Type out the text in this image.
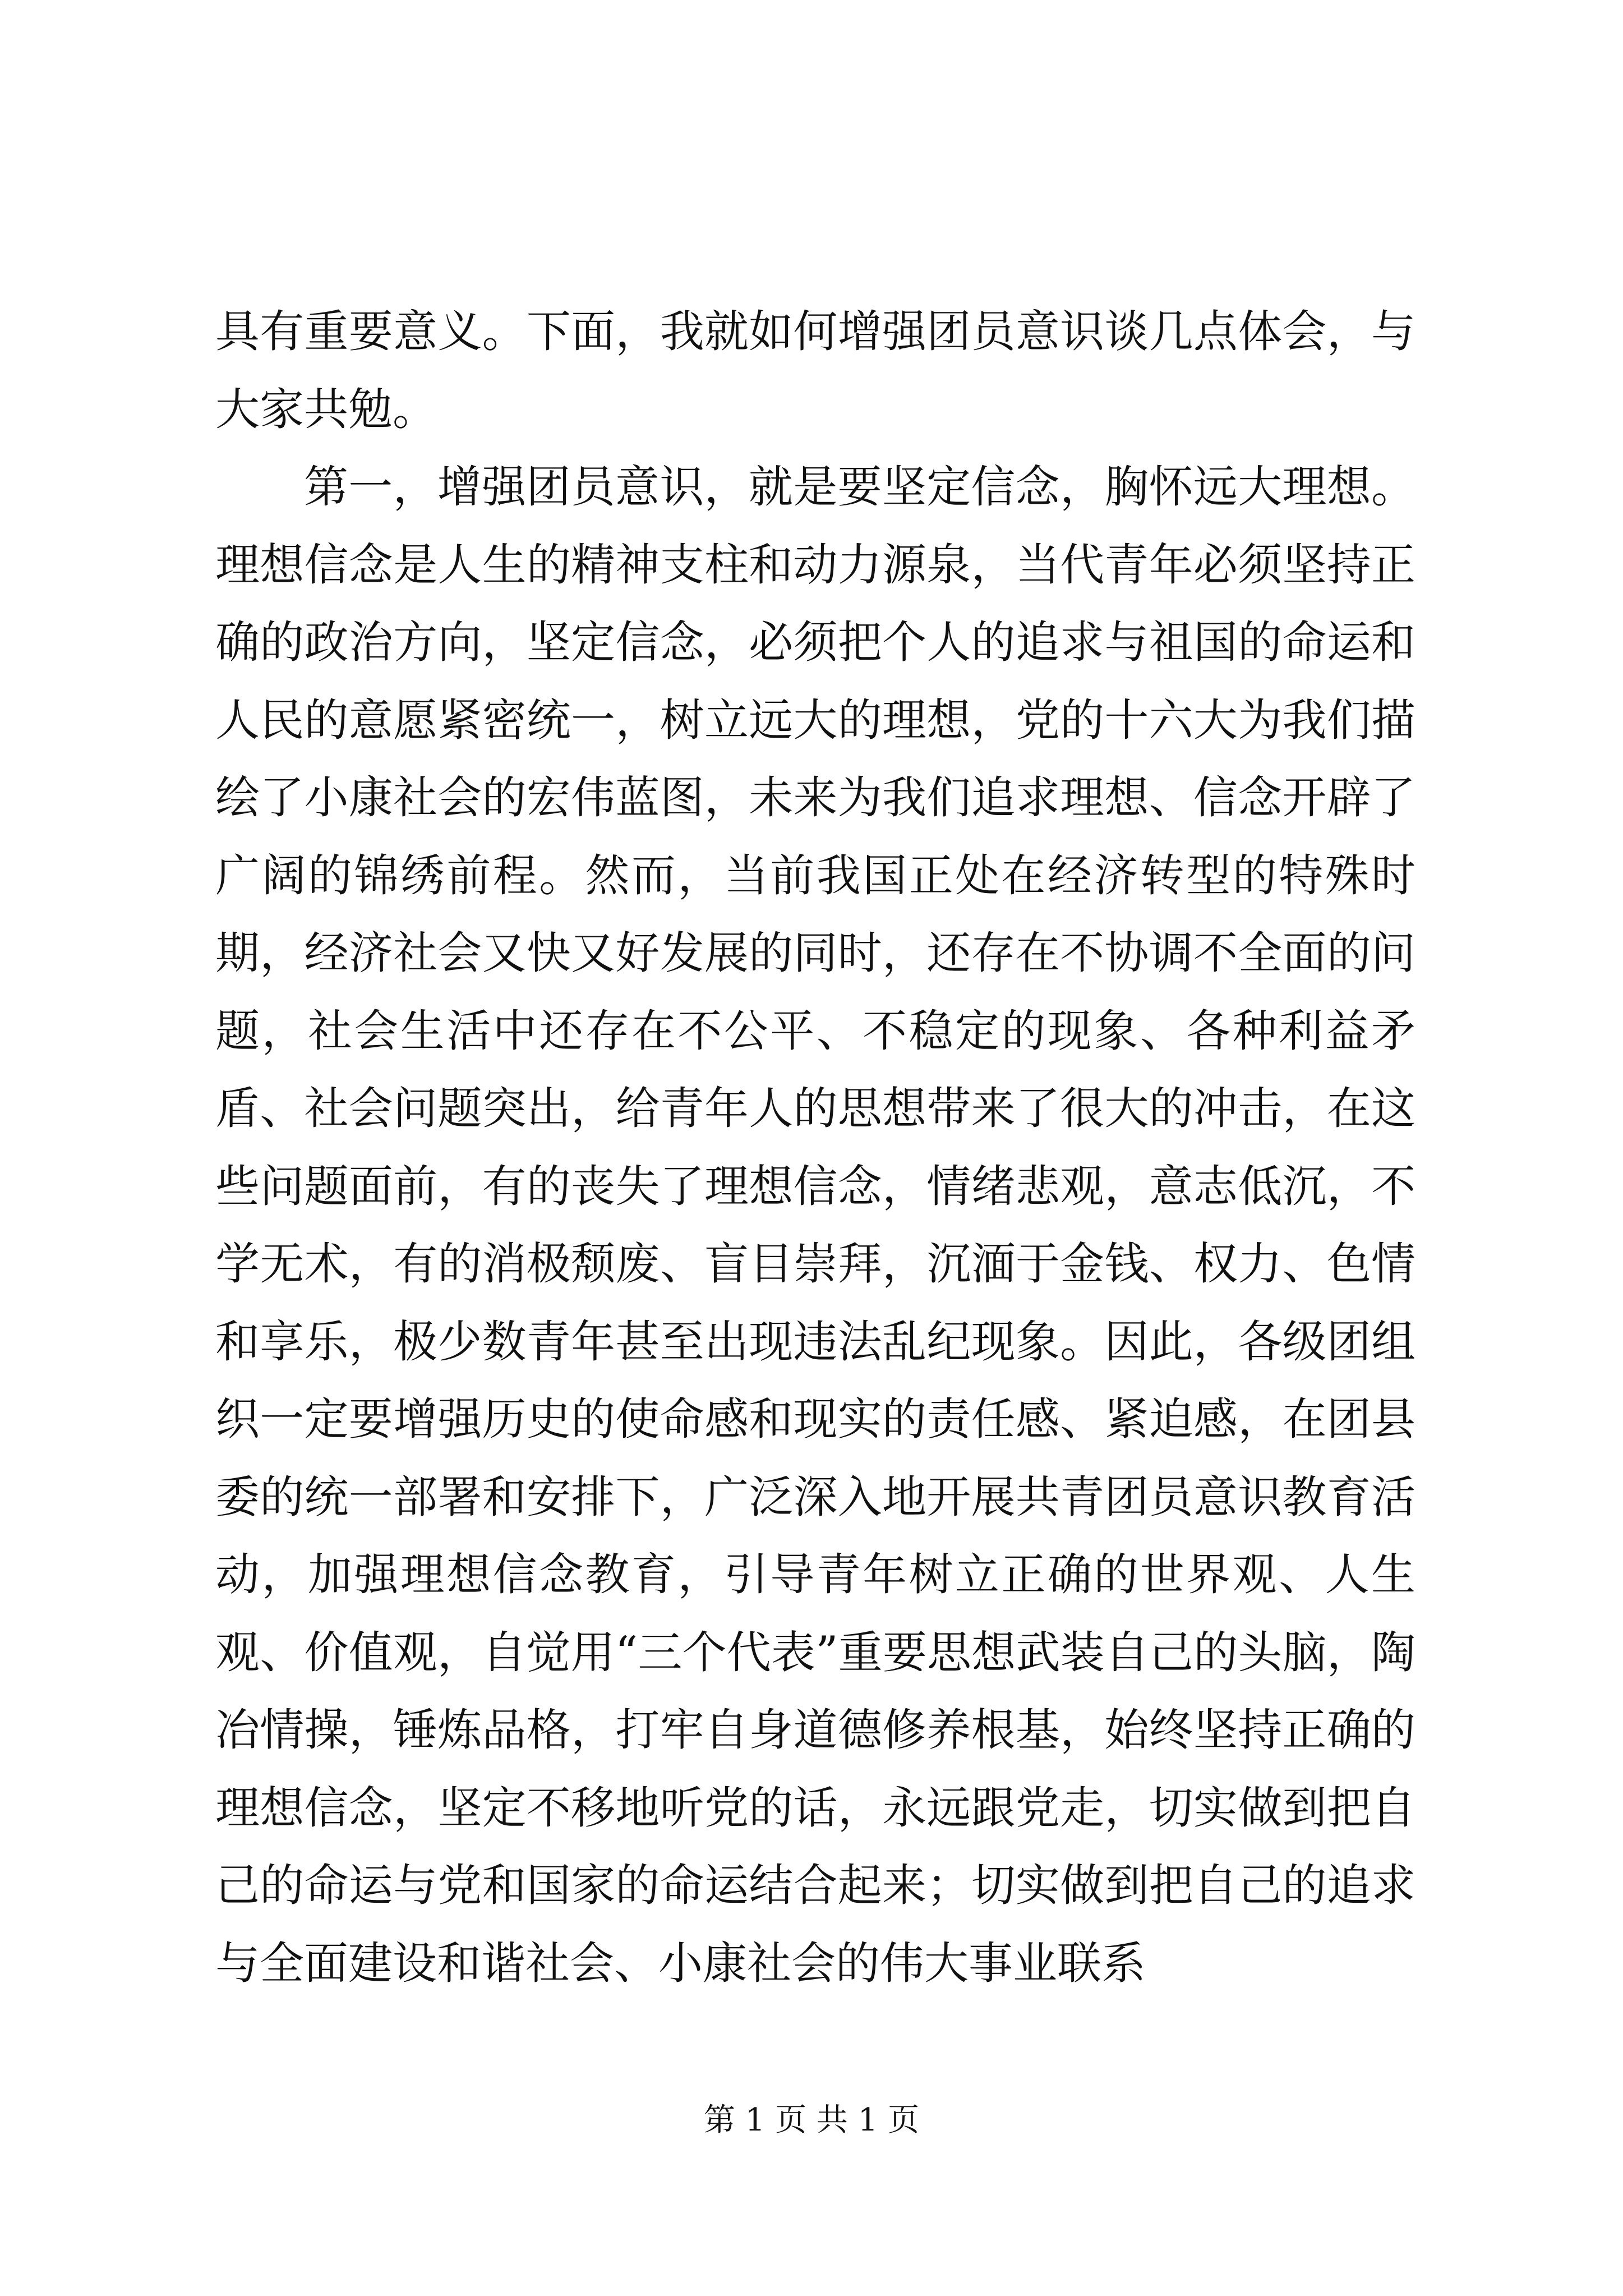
具有重要意义。下面，我就如何增强团员意识谈几点体会，与大家共勉。

第一，增强团员意识，就是要坚定信念，胸怀远大理想。理想信念是人生的精神支柱和动力源泉，当代青年必须坚持正确的政治方向，坚定信念，必须把个人的追求与祖国的命运和人民的意愿紧密统一，树立远大的理想，党的十六大为我们描绘了小康社会的宏伟蓝图，未来为我们追求理想、信念开辟了广阔的锦绣前程。然而，当前我国正处在经济转型的特殊时期，经济社会又快又好发展的同时，还存在不协调不全面的问题，社会生活中还存在不公平、不稳定的现象、各种利益矛盾、社会问题突出，给青年人的思想带来了很大的冲击，在这些问题面前，有的丧失了理想信念，情绪悲观，意志低沉，不学无术，有的消极颓废、盲目崇拜，沉湎于金钱、权力、色情和享乐，极少数青年甚至出现违法乱纪现象。因此，各级团组织一定要增强历史的使命感和现实的责任感、紧迫感，在团县委的统一部署和安排下，广泛深入地开展共青团员意识教育活动，加强理想信念教育，引导青年树立正确的世界观、人生观、价值观，自觉用“三个代表”重要思想武装自己的头脑，陶冶情操，锤炼品格，打牢自身道德修养根基，始终坚持正确的理想信念，坚定不移地听党的话，永远跟党走，切实做到把自己的命运与党和国家的命运结合起来；切实做到把自己的追求与全面建设和谐社会、小康社会的伟大事业联系

第 1 页 共 1 页
